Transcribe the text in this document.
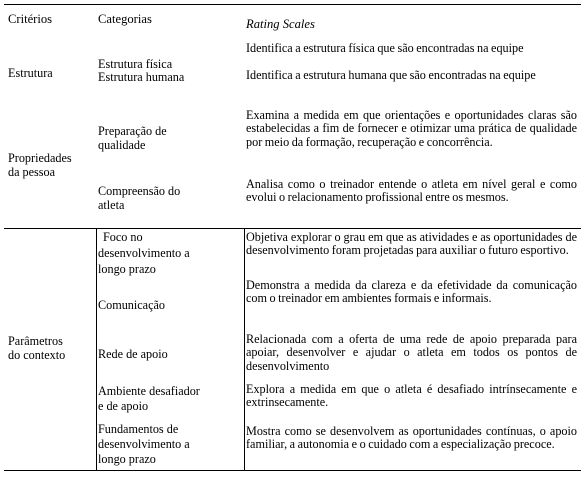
Critérios	Categorias	Rating Scales
Estrutura
Propriedades
da pessoa
Parâmetros
do contexto
Estrutura física
Estrutura humana
Preparação de
qualidade
Compreensão do
atleta
Foco no
desenvolvimento a
longo prazo
Comunicação
Rede de apoio
Ambiente desafiador
e de apoio
Fundamentos de
desenvolvimento a
longo prazo
Identifica a estrutura física que são encontradas na equipe
Identifica a estrutura humana que são encontradas na equipe
Examina a medida em que orientações e oportunidades claras são estabelecidas a fim de fornecer e otimizar uma prática de qualidade por meio da formação, recuperação e concorrência.
Analisa como o treinador entende o atleta em nível geral e como evolui o relacionamento profissional entre os mesmos.
Objetiva explorar o grau em que as atividades e as oportunidades de desenvolvimento foram projetadas para auxiliar o futuro esportivo.
Demonstra a medida da clareza e da efetividade da comunicação com o treinador em ambientes formais e informais.
Relacionada com a oferta de uma rede de apoio preparada para apoiar, desenvolver e ajudar o atleta em todos os pontos de desenvolvimento
Explora a medida em que o atleta é desafiado intrínsecamente e extrinsecamente.
Mostra como se desenvolvem as oportunidades contínuas, o apoio familiar, a autonomia e o cuidado com a especialização precoce.
